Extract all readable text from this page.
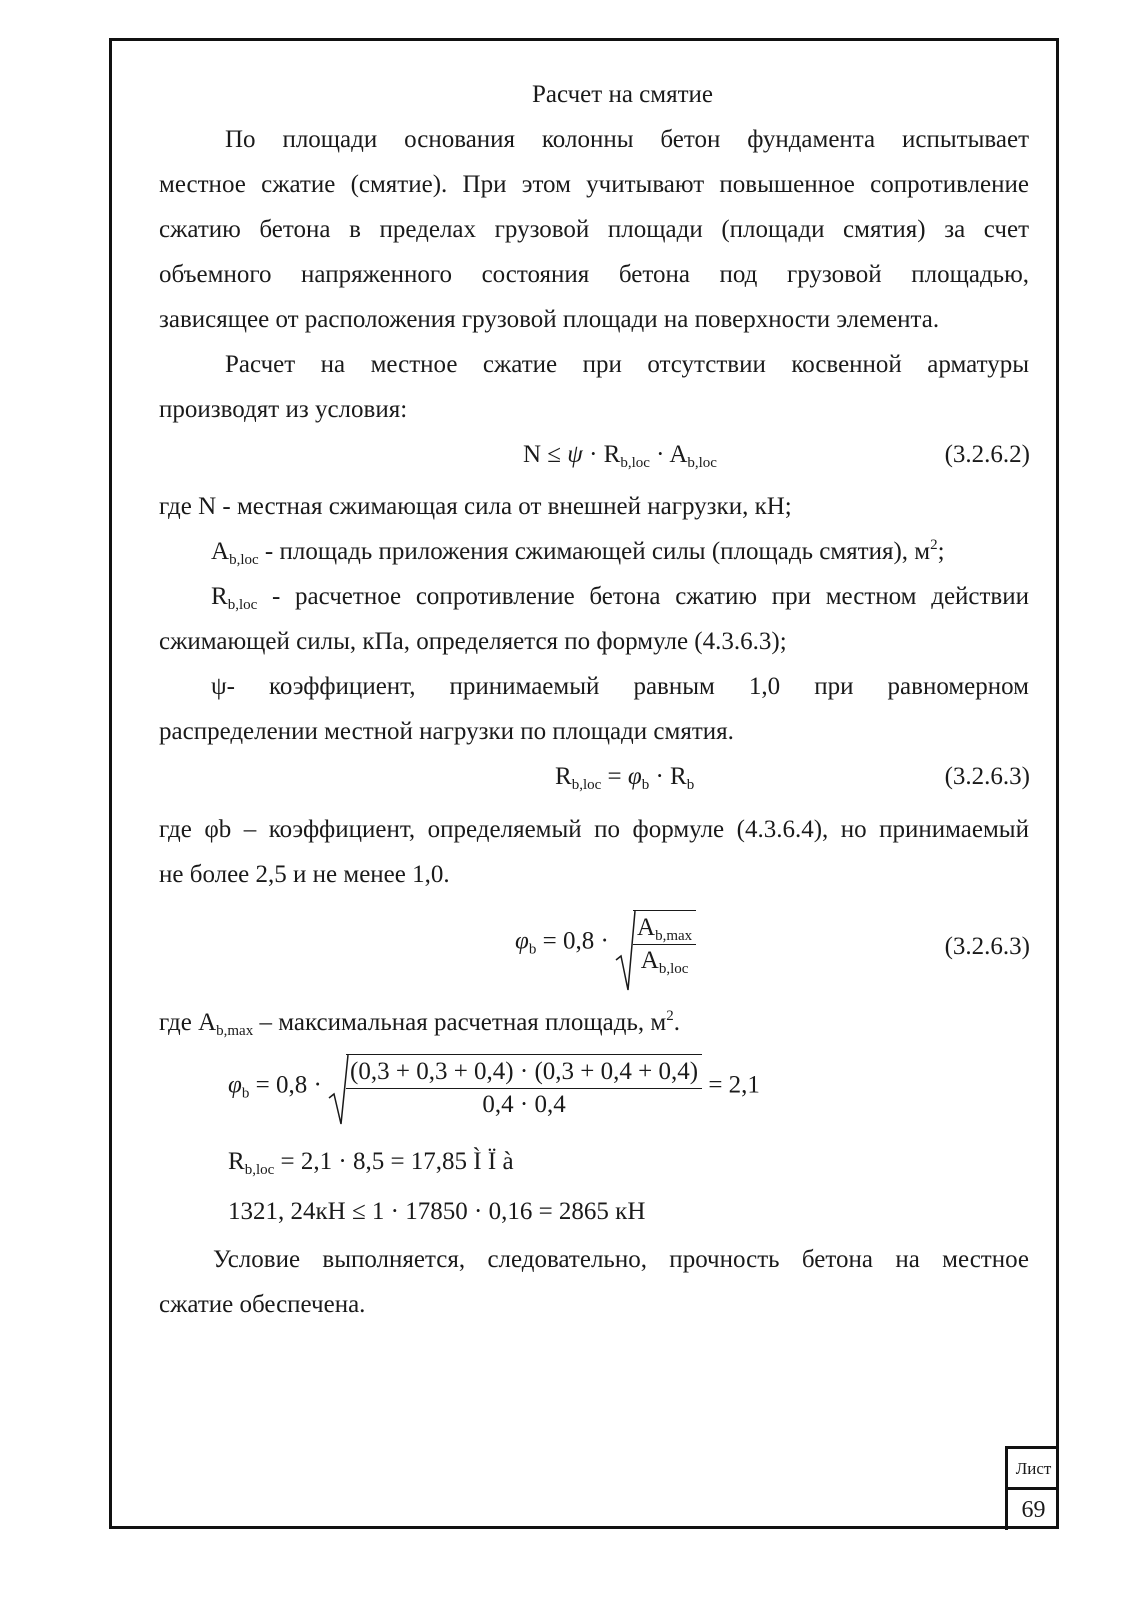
Расчет на смятие
По площади основания колонны бетон фундамента испытывает
местное сжатие (смятие). При этом учитывают повышенное сопротивление
сжатию бетона в пределах грузовой площади (площади смятия) за счет
объемного напряженного состояния бетона под грузовой площадью,
зависящее от расположения грузовой площади на поверхности элемента.
Расчет на местное сжатие при отсутствии косвенной арматуры
производят из условия:
$N \le \psi \cdot R_{b,loc} \cdot A_{b,loc}$	(3.2.6.2)
где N - местная сжимающая сила от внешней нагрузки, кН;
$A_{b,loc}$ - площадь приложения сжимающей силы (площадь смятия), $м^2$;
$R_{b,loc}$ - расчетное сопротивление бетона сжатию при местном действии
сжимающей силы, кПа, определяется по формуле (4.3.6.3);
ψ- коэффициент, принимаемый равным 1,0 при равномерном
распределении местной нагрузки по площади смятия.
$R_{b,loc} = \varphi_b \cdot R_b$	(3.2.6.3)
где φb – коэффициент, определяемый по формуле (4.3.6.4), но принимаемый
не более 2,5 и не менее 1,0.
$\varphi_b = 0,8 \cdot \frac{A_{b,max}}{A_{b,loc}}$	(3.2.6.3)
где $A_{b,max}$ – максимальная расчетная площадь, $м^2$.
$\varphi_b = 0,8 \cdot \frac{(0,3 + 0,3 + 0,4) \cdot (0,3 + 0,4 + 0,4)}{0,4 \cdot 0,4} = 2,1$
$R_{b,loc} = 2,1 \cdot 8,5 = 17,85$ Ì Ï à
1321, 24кН ≤ 1 · 17850 · 0,16 = 2865 кН
Условие выполняется, следовательно, прочность бетона на местное
сжатие обеспечена.
Лист
69
